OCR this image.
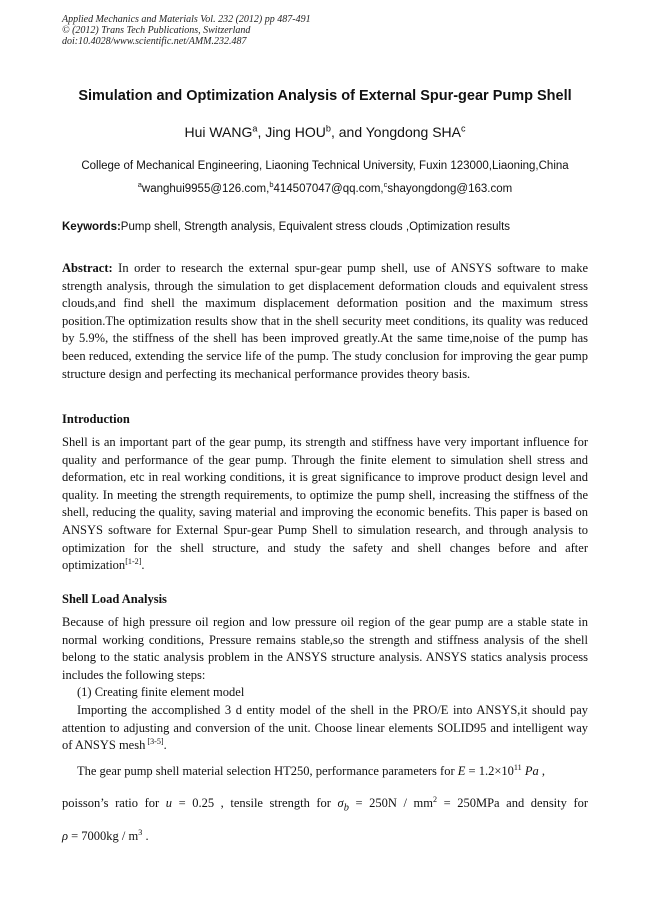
Applied Mechanics and Materials Vol. 232 (2012) pp 487-491
© (2012) Trans Tech Publications, Switzerland
doi:10.4028/www.scientific.net/AMM.232.487
Simulation and Optimization Analysis of External Spur-gear Pump Shell
Hui WANG$^a$, Jing HOU$^b$, and Yongdong SHA$^c$
College of Mechanical Engineering, Liaoning Technical University, Fuxin 123000,Liaoning,China
$^a$wanghui9955@126.com,$^b$414507047@qq.com,$^c$shayongdong@163.com
Keywords:Pump shell, Strength analysis, Equivalent stress clouds ,Optimization results
Abstract: In order to research the external spur-gear pump shell, use of ANSYS software to make strength analysis, through the simulation to get displacement deformation clouds and equivalent stress clouds,and find shell the maximum displacement deformation position and the maximum stress position.The optimization results show that in the shell security meet conditions, its quality was reduced by 5.9%, the stiffness of the shell has been improved greatly.At the same time,noise of the pump has been reduced, extending the service life of the pump. The study conclusion for improving the gear pump structure design and perfecting its mechanical performance provides theory basis.
Introduction
Shell is an important part of the gear pump, its strength and stiffness have very important influence for quality and performance of the gear pump. Through the finite element to simulation shell stress and deformation, etc in real working conditions, it is great significance to improve product design level and quality. In meeting the strength requirements, to optimize the pump shell, increasing the stiffness of the shell, reducing the quality, saving material and improving the economic benefits. This paper is based on ANSYS software for External Spur-gear Pump Shell to simulation research, and through analysis to optimization for the shell structure, and study the safety and shell changes before and after optimization[1-2].
Shell Load Analysis
Because of high pressure oil region and low pressure oil region of the gear pump are a stable state in normal working conditions, Pressure remains stable,so the strength and stiffness analysis of the shell belong to the static analysis problem in the ANSYS structure analysis. ANSYS statics analysis process includes the following steps:
(1) Creating finite element model
Importing the accomplished 3 d entity model of the shell in the PRO/E into ANSYS,it should pay attention to adjusting and conversion of the unit. Choose linear elements SOLID95 and intelligent way of ANSYS mesh [3-5].
The gear pump shell material selection HT250, performance parameters for $E = 1.2\times 10^{11}$ Pa ,
poisson’s ratio for u = 0.25 , tensile strength for $\sigma_b = 250N / mm^2 = 250MPa$ and density for
$\rho = 7000kg / m^3$ .
